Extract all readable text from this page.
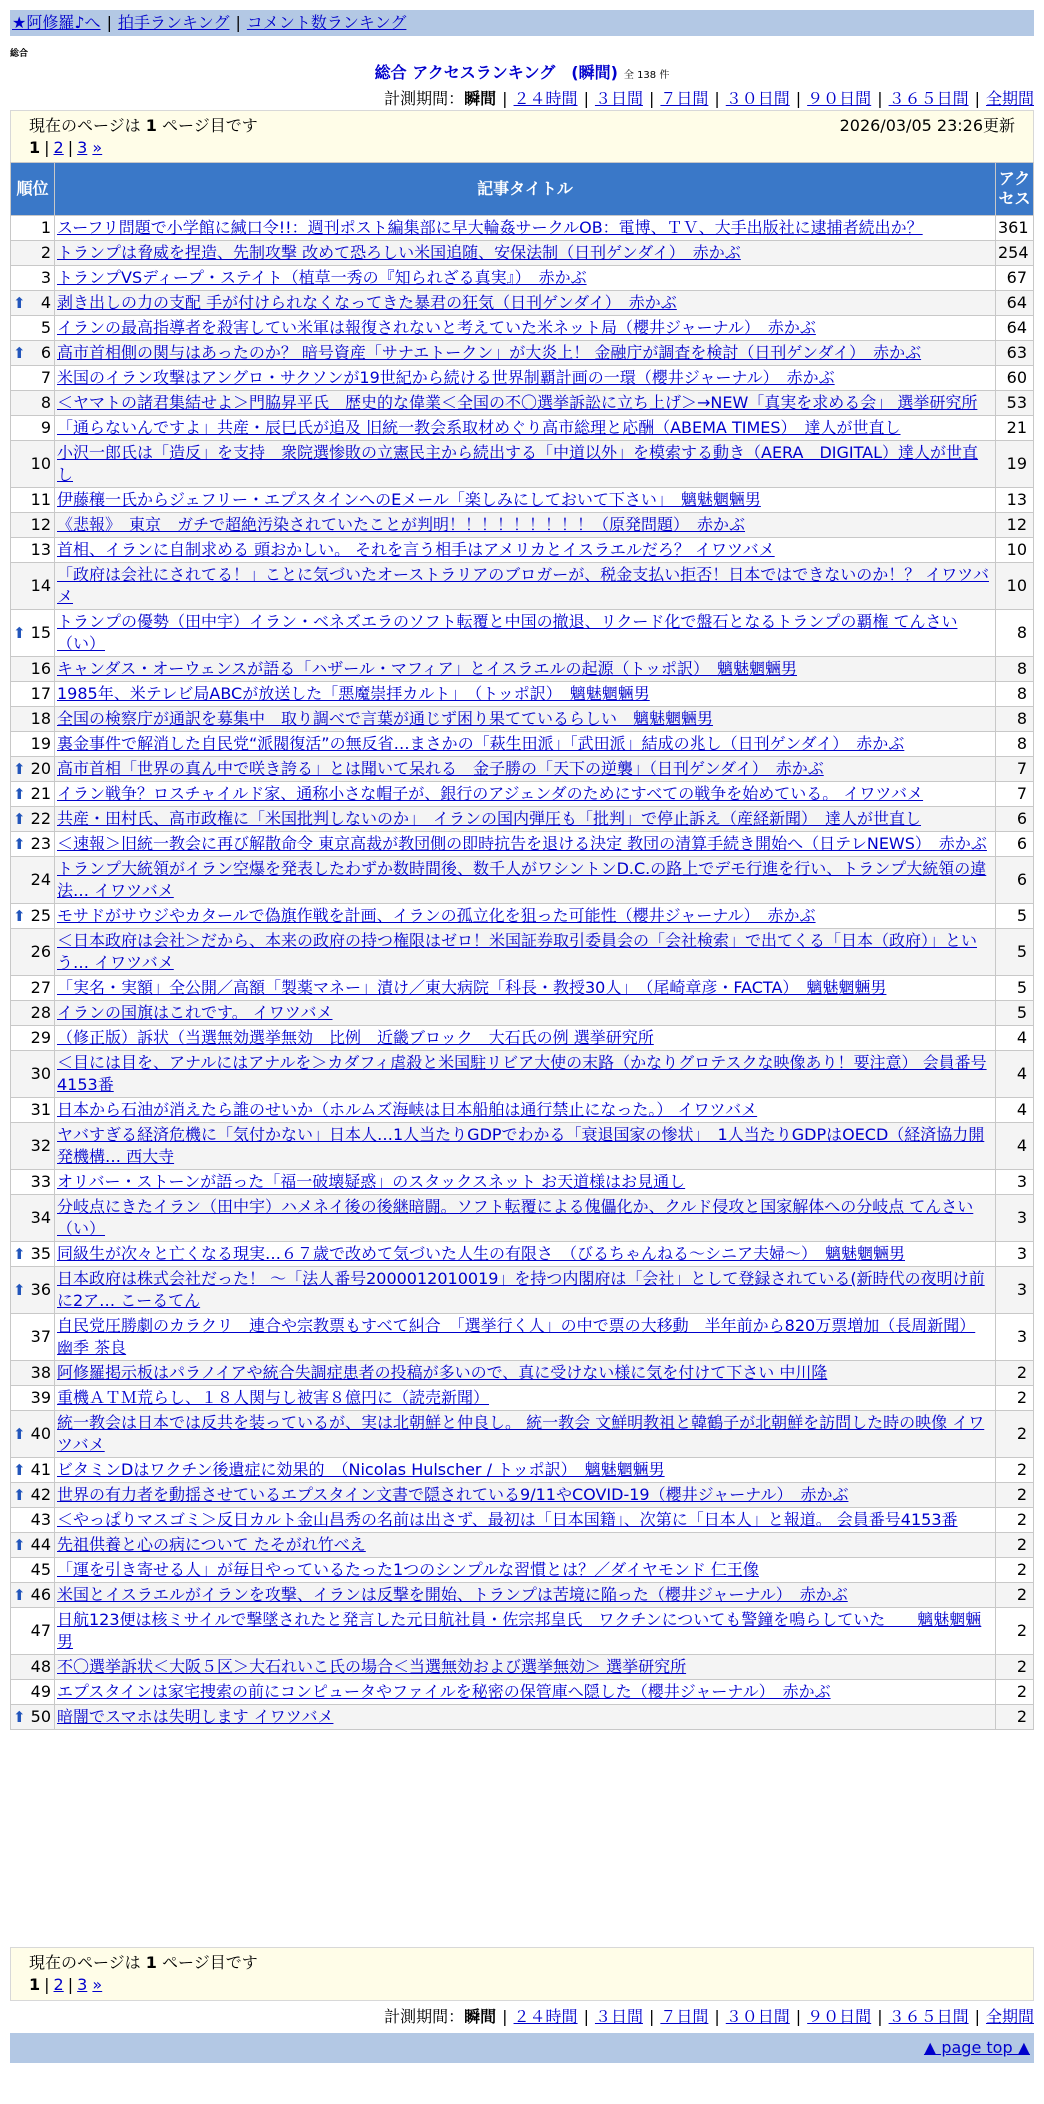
★阿修羅♪へ | 拍手ランキング | コメント数ランキング
総合
総合 アクセスランキング　(瞬間) 全 138 件
計測期間：瞬間 | ２４時間 | ３日間 | ７日間 | ３０日間 | ９０日間 | ３６５日間 | 全期間
現在のページは 1 ページ目です	2026/03/05 23:26更新
1 | 2 | 3 »
順位	記事タイトル	アクセス
1	スーフリ問題で小学館に緘口令!!：週刊ポスト編集部に早大輪姦サークルOB：電博、ＴＶ、大手出版社に逮捕者続出か？	361
2	トランプは脅威を捏造、先制攻撃 改めて恐ろしい米国追随、安保法制（日刊ゲンダイ）　赤かぶ	254
3	トランプVSディープ・ステイト（植草一秀の『知られざる真実』）　赤かぶ	67

⬆ 4	剥き出しの力の支配 手が付けられなくなってきた暴君の狂気（日刊ゲンダイ）　赤かぶ	64
5	イランの最高指導者を殺害してい米軍は報復されないと考えていた米ネット局（櫻井ジャーナル）　赤かぶ	64

⬆ 6	高市首相側の関与はあったのか？ 暗号資産「サナエトークン」が大炎上！ 金融庁が調査を検討（日刊ゲンダイ）　赤かぶ	63
7	米国のイラン攻撃はアングロ・サクソンが19世紀から続ける世界制覇計画の一環（櫻井ジャーナル）　赤かぶ	60
8	＜ヤマトの諸君集結せよ＞門脇昇平氏　歴史的な偉業＜全国の不〇選挙訴訟に立ち上げ＞→NEW「真実を求める会」 選挙研究所	53
9	「通らないんですよ」共産・辰巳氏が追及 旧統一教会系取材めぐり高市総理と応酬（ABEMA TIMES）　達人が世直し	21
10	小沢一郎氏は「造反」を支持　衆院選惨敗の立憲民主から続出する「中道以外」を模索する動き（AERA　DIGITAL）達人が世直し	19
11	伊藤穰一氏からジェフリー・エプスタインへのEメール「楽しみにしておいて下さい」　魑魅魍魎男	13
12	《悲報》　東京　ガチで超絶汚染されていたことが判明！！！！！！！！！（原発問題）　赤かぶ	12
13	首相、イランに自制求める 頭おかしい。 それを言う相手はアメリカとイスラエルだろ？ イワツバメ	10
14	「政府は会社にされてる！」ことに気づいたオーストラリアのブロガーが、税金支払い拒否！日本ではできないのか！？ イワツバメ	10

⬆ 15	トランプの優勢（田中宇）イラン・ベネズエラのソフト転覆と中国の撤退、リクード化で盤石となるトランプの覇権 てんさい（い）	8
16	キャンダス・オーウェンスが語る「ハザール・マフィア」とイスラエルの起源（トッポ訳）　魑魅魍魎男	8
17	1985年、米テレビ局ABCが放送した「悪魔崇拝カルト」　（トッポ訳）　魑魅魍魎男	8
18	全国の検察庁が通訳を募集中　取り調べで言葉が通じず困り果てているらしい　魑魅魍魎男	8
19	裏金事件で解消した自民党“派閥復活”の無反省…まさかの「萩生田派」「武田派」結成の兆し（日刊ゲンダイ）　赤かぶ	8

⬆ 20	高市首相「世界の真ん中で咲き誇る」とは聞いて呆れる　金子勝の「天下の逆襲」（日刊ゲンダイ）　赤かぶ	7

⬆ 21	イラン戦争？ロスチャイルド家、通称小さな帽子が、銀行のアジェンダのためにすべての戦争を始めている。 イワツバメ	7

⬆ 22	共産・田村氏、高市政権に「米国批判しないのか」　イランの国内弾圧も「批判」で停止訴え（産経新聞）　達人が世直し	6

⬆ 23	＜速報＞旧統一教会に再び解散命令 東京高裁が教団側の即時抗告を退ける決定 教団の清算手続き開始へ（日テレNEWS）　赤かぶ	6
24	トランプ大統領がイラン空爆を発表したわずか数時間後、数千人がワシントンD.C.の路上でデモ行進を行い、トランプ大統領の違法… イワツバメ	6

⬆ 25	モサドがサウジやカタールで偽旗作戦を計画、イランの孤立化を狙った可能性（櫻井ジャーナル）　赤かぶ	5
26	＜日本政府は会社＞だから、本来の政府の持つ権限はゼロ！米国証券取引委員会の「会社検索」で出てくる「日本（政府）」という… イワツバメ	5
27	「実名・実額」全公開／高額「製薬マネー」漬け／東大病院「科長・教授30人」　（尾崎章彦・FACTA）　魑魅魍魎男	5
28	イランの国旗はこれです。 イワツバメ	5
29	（修正版）訴状（当選無効選挙無効　比例　近畿ブロック　大石氏の例 選挙研究所	4
30	＜目には目を、アナルにはアナルを＞カダフィ虐殺と米国駐リビア大使の末路（かなりグロテスクな映像あり！要注意） 会員番号4153番	4
31	日本から石油が消えたら誰のせいか（ホルムズ海峡は日本船舶は通行禁止になった。） イワツバメ	4
32	ヤバすぎる経済危機に「気付かない」日本人…1人当たりGDPでわかる「衰退国家の惨状」　1人当たりGDPはOECD（経済協力開発機構… 西大寺	4
33	オリバー・ストーンが語った「福一破壊疑惑」のスタックスネット お天道様はお見通し	3
34	分岐点にきたイラン（田中宇）ハメネイ後の後継暗闘。ソフト転覆による傀儡化か、クルド侵攻と国家解体への分岐点 てんさい（い）	3

⬆ 35	同級生が次々と亡くなる現実…６７歳で改めて気づいた人生の有限さ　（びるちゃんねる〜シニア夫婦〜）　魑魅魍魎男	3

⬆ 36	日本政府は株式会社だった！ 〜「法人番号2000012010019」を持つ内閣府は「会社」として登録されている(新時代の夜明け前に2ア… こーるてん	3
37	自民党圧勝劇のカラクリ　連合や宗教票もすべて糾合　「選挙行く人」の中で票の大移動　半年前から820万票増加（長周新聞） 幽季 茶良	3
38	阿修羅掲示板はパラノイアや統合失調症患者の投稿が多いので、真に受けない様に気を付けて下さい 中川隆	2
39	重機ＡＴＭ荒らし、１８人関与し被害８億円に（読売新聞）	2

⬆ 40	統一教会は日本では反共を装っているが、実は北朝鮮と仲良し。 統一教会 文鮮明教祖と韓鶴子が北朝鮮を訪問した時の映像 イワツバメ	2

⬆ 41	ビタミンDはワクチン後遺症に効果的　（Nicolas Hulscher / トッポ訳）　魑魅魍魎男	2

⬆ 42	世界の有力者を動揺させているエプスタイン文書で隠されている9/11やCOVID-19（櫻井ジャーナル）　赤かぶ	2
43	＜やっぱりマスゴミ＞反日カルト金山昌秀の名前は出さず、最初は「日本国籍」、次第に「日本人」と報道。 会員番号4153番	2

⬆ 44	先祖供養と心の病について たそがれ竹べえ	2
45	「運を引き寄せる人」が毎日やっているたった1つのシンプルな習慣とは？／ダイヤモンド 仁王像	2

⬆ 46	米国とイスラエルがイランを攻撃、イランは反撃を開始、トランプは苦境に陥った（櫻井ジャーナル）　赤かぶ	2
47	日航123便は核ミサイルで撃墜されたと発言した元日航社員・佐宗邦皇氏　ワクチンについても警鐘を鳴らしていた　　魑魅魍魎男	2
48	不〇選挙訴状＜大阪５区＞大石れいこ氏の場合＜当選無効および選挙無効＞ 選挙研究所	2
49	エプスタインは家宅捜索の前にコンピュータやファイルを秘密の保管庫へ隠した（櫻井ジャーナル）　赤かぶ	2

⬆ 50	暗闇でスマホは失明します イワツバメ	2
現在のページは 1 ページ目です
1 | 2 | 3 »
計測期間：瞬間 | ２４時間 | ３日間 | ７日間 | ３０日間 | ９０日間 | ３６５日間 | 全期間
▲ page top ▲
